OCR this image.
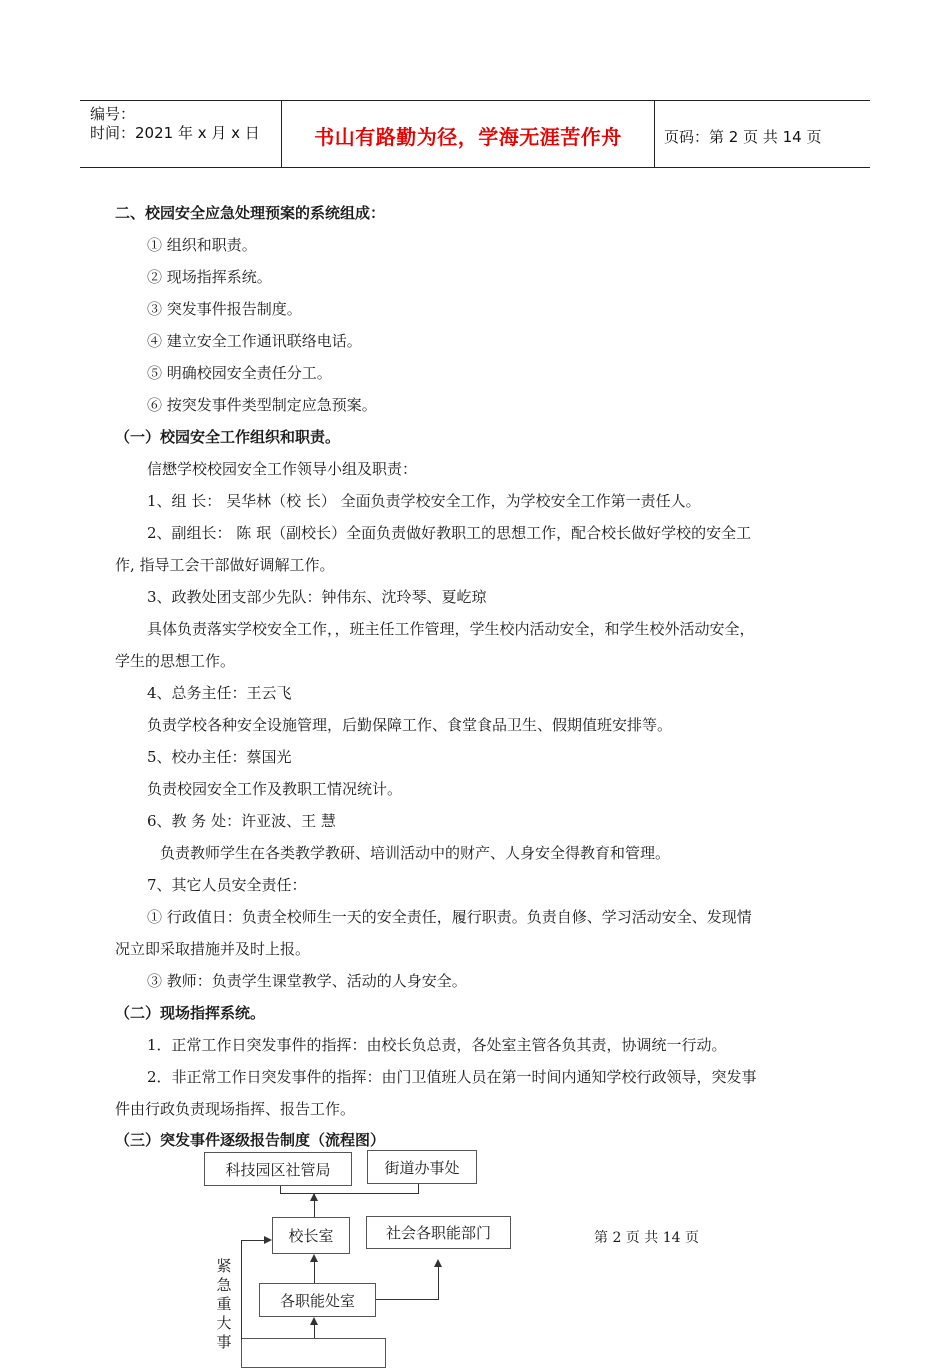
编号：
时间：2021 年 x 月 x 日	书山有路勤为径，学海无涯苦作舟	页码：第 2 页 共 14 页
二、校园安全应急处理预案的系统组成：
① 组织和职责。
② 现场指挥系统。
③ 突发事件报告制度。
④ 建立安全工作通讯联络电话。
⑤ 明确校园安全责任分工。
⑥ 按突发事件类型制定应急预案。
（一）校园安全工作组织和职责。
信懋学校校园安全工作领导小组及职责：
1、组 长： 吴华林（校 长） 全面负责学校安全工作，为学校安全工作第一责任人。
2、副组长： 陈 珉（副校长）全面负责做好教职工的思想工作，配合校长做好学校的安全工
作, 指导工会干部做好调解工作。
3、政教处团支部少先队：钟伟东、沈玲琴、夏屹琼
具体负责落实学校安全工作，，班主任工作管理，学生校内活动安全，和学生校外活动安全，
学生的思想工作。
4、总务主任：王云飞
负责学校各种安全设施管理，后勤保障工作、食堂食品卫生、假期值班安排等。
5、校办主任：蔡国光
负责校园安全工作及教职工情况统计。
6、教 务 处：许亚波、王 慧
负责教师学生在各类教学教研、培训活动中的财产、人身安全得教育和管理。
7、其它人员安全责任：
① 行政值日：负责全校师生一天的安全责任，履行职责。负责自修、学习活动安全、发现情
况立即采取措施并及时上报。
③ 教师：负责学生课堂教学、活动的人身安全。
（二）现场指挥系统。
1．正常工作日突发事件的指挥：由校长负总责，各处室主管各负其责，协调统一行动。
2．非正常工作日突发事件的指挥：由门卫值班人员在第一时间内通知学校行政领导，突发事
件由行政负责现场指挥、报告工作。
（三）突发事件逐级报告制度（流程图）
科技园区社管局	街道办事处
校长室	社会各职能部门
各职能处室
紧
急
重
大
事
第 2 页 共 14 页
